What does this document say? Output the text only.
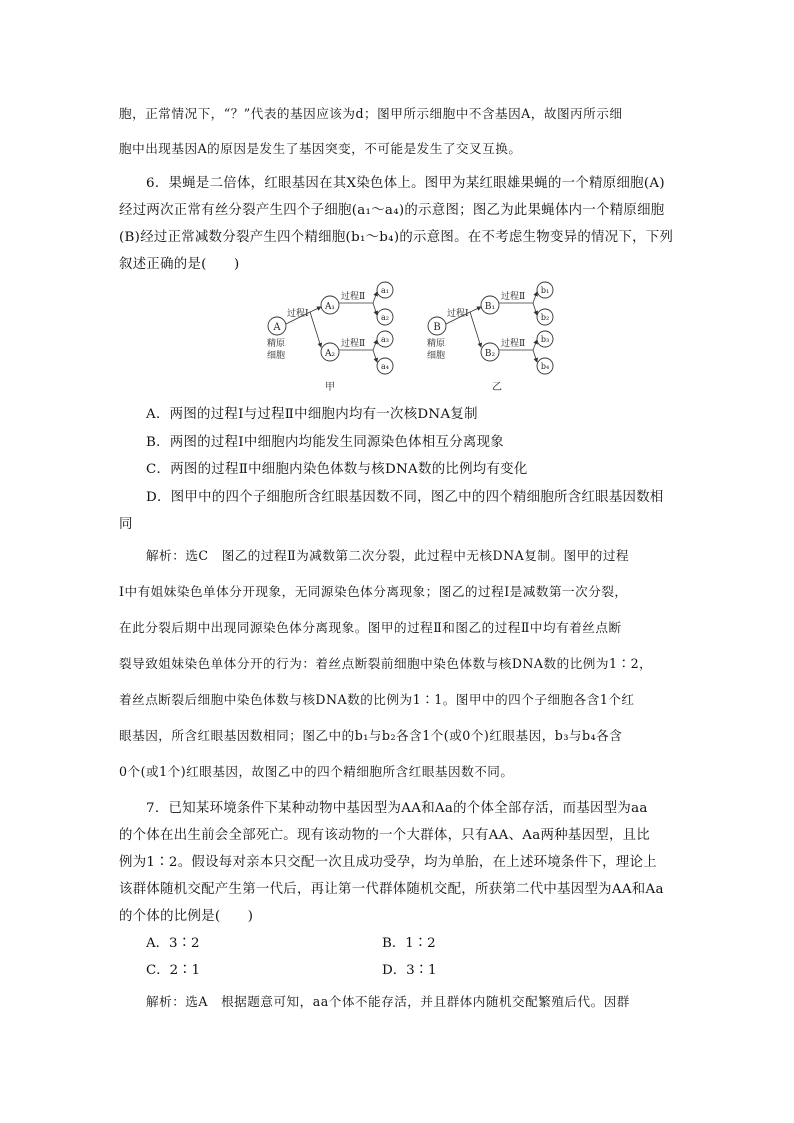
胞，正常情况下，“？”代表的基因应该为d；图甲所示细胞中不含基因A，故图丙所示细
胞中出现基因A的原因是发生了基因突变，不可能是发生了交叉互换。
6．果蝇是二倍体，红眼基因在其X染色体上。图甲为某红眼雄果蝇的一个精原细胞(A)
经过两次正常有丝分裂产生四个子细胞(a₁～a₄)的示意图；图乙为此果蝇体内一个精原细胞
(B)经过正常减数分裂产生四个精细胞(b₁～b₄)的示意图。在不考虑生物变异的情况下，下列
叙述正确的是(　　)
A
精原
细胞
过程Ⅰ
A₁
A₂
过程Ⅱ
过程Ⅱ
a₁
a₂
a₃
a₄
甲
B
精原
细胞
过程Ⅰ
B₁
B₂
过程Ⅱ
过程Ⅱ
b₁
b₂
b₃
b₄
乙
A．两图的过程Ⅰ与过程Ⅱ中细胞内均有一次核DNA复制
B．两图的过程Ⅰ中细胞内均能发生同源染色体相互分离现象
C．两图的过程Ⅱ中细胞内染色体数与核DNA数的比例均有变化
D．图甲中的四个子细胞所含红眼基因数不同，图乙中的四个精细胞所含红眼基因数相
同
解析：选C　图乙的过程Ⅱ为减数第二次分裂，此过程中无核DNA复制。图甲的过程
Ⅰ中有姐妹染色单体分开现象，无同源染色体分离现象；图乙的过程Ⅰ是减数第一次分裂，
在此分裂后期中出现同源染色体分离现象。图甲的过程Ⅱ和图乙的过程Ⅱ中均有着丝点断
裂导致姐妹染色单体分开的行为：着丝点断裂前细胞中染色体数与核DNA数的比例为1∶2，
着丝点断裂后细胞中染色体数与核DNA数的比例为1∶1。图甲中的四个子细胞各含1个红
眼基因，所含红眼基因数相同；图乙中的b₁与b₂各含1个(或0个)红眼基因，b₃与b₄各含
0个(或1个)红眼基因，故图乙中的四个精细胞所含红眼基因数不同。
7．已知某环境条件下某种动物中基因型为AA和Aa的个体全部存活，而基因型为aa
的个体在出生前会全部死亡。现有该动物的一个大群体，只有AA、Aa两种基因型，且比
例为1∶2。假设每对亲本只交配一次且成功受孕，均为单胎，在上述环境条件下，理论上
该群体随机交配产生第一代后，再让第一代群体随机交配，所获第二代中基因型为AA和Aa
的个体的比例是(　　)
A．3∶2	B．1∶2
C．2∶1	D．3∶1
解析：选A　根据题意可知，aa个体不能存活，并且群体内随机交配繁殖后代。因群
